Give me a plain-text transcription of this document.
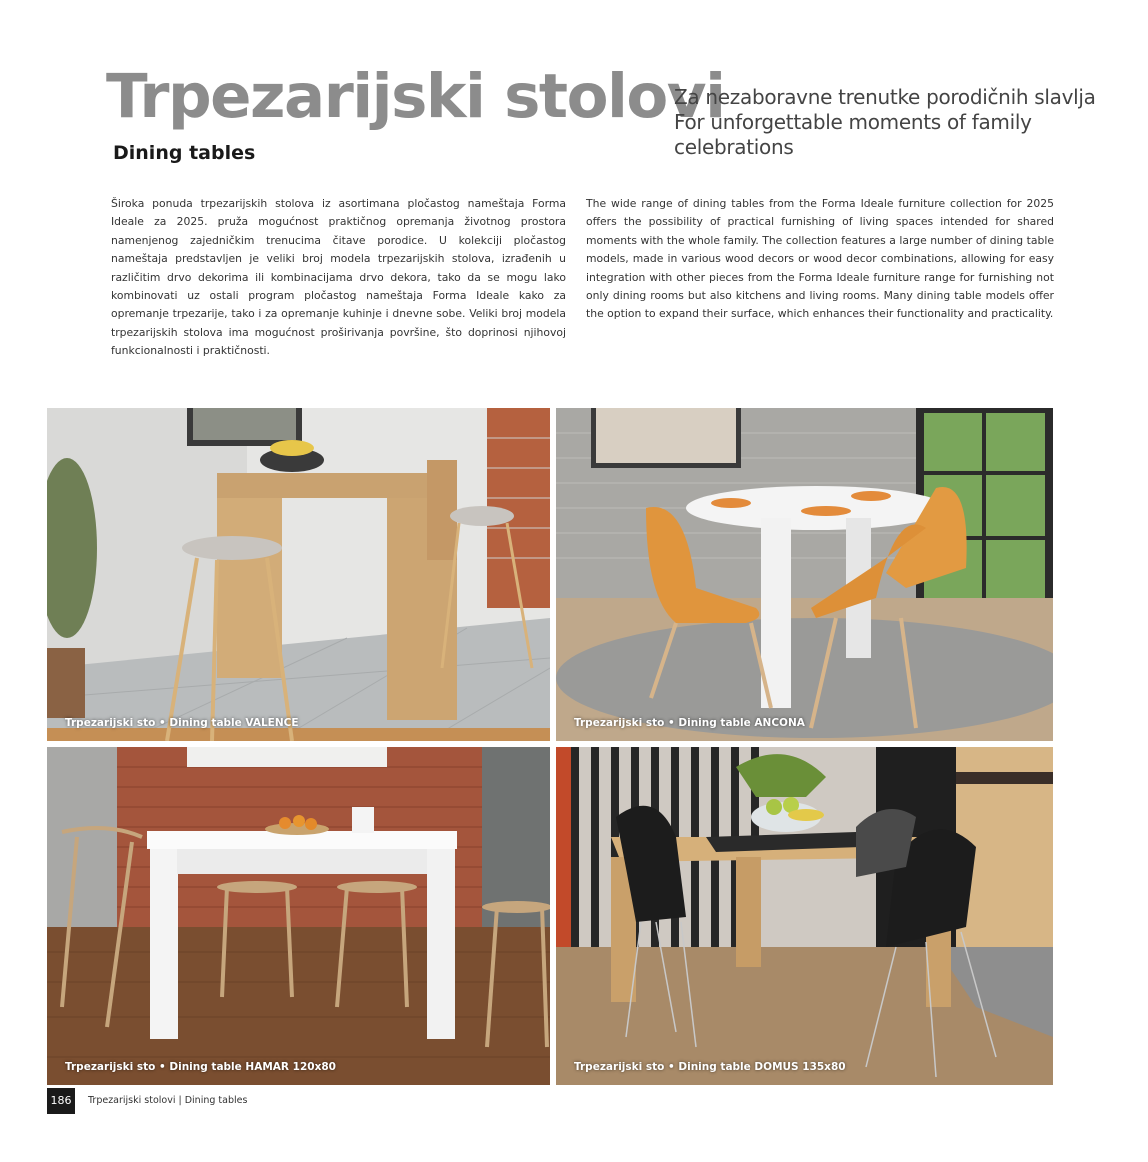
Trpezarijski stolovi
Dining tables
Za nezaboravne trenutke porodičnih slavlja
For unforgettable moments of family
celebrations

Široka ponuda trpezarijskih stolova iz asortimana pločastog nameštaja Forma Ideale za 2025. pruža mogućnost praktičnog opremanja životnog prostora namenjenog zajedničkim trenucima čitave porodice. U kolekciji pločastog nameštaja predstavljen je veliki broj modela trpezarijskih stolova, izrađenih u različitim drvo dekorima ili kombinacijama drvo dekora, tako da se mogu lako kombinovati uz ostali program pločastog nameštaja Forma Ideale kako za opremanje trpezarije, tako i za opremanje kuhinje i dnevne sobe. Veliki broj modela trpezarijskih stolova ima mogućnost proširivanja površine, što doprinosi njihovoj funkcionalnosti i praktičnosti.

The wide range of dining tables from the Forma Ideale furniture collection for 2025 offers the possibility of practical furnishing of living spaces intended for shared moments with the whole family. The collection features a large number of dining table models, made in various wood decors or wood decor combinations, allowing for easy integration with other pieces from the Forma Ideale furniture range for furnishing not only dining rooms but also kitchens and living rooms. Many dining table models offer the option to expand their surface, which enhances their functionality and practicality.

Trpezarijski sto • Dining table VALENCE	Trpezarijski sto • Dining table ANCONA
Trpezarijski sto • Dining table HAMAR 120x80	Trpezarijski sto • Dining table DOMUS 135x80
186	Trpezarijski stolovi | Dining tables
